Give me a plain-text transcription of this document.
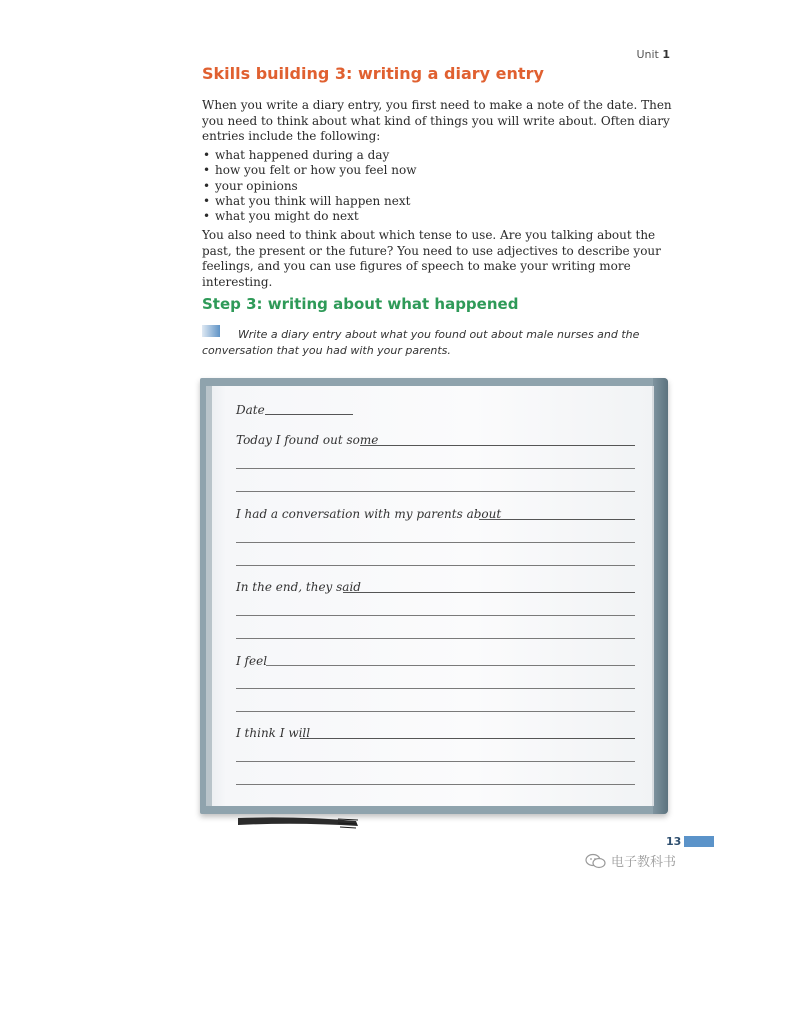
Unit 1
Skills building 3: writing a diary entry

When you write a diary entry, you first need to make a note of the date. Then you need to think about what kind of things you will write about. Often diary entries include the following:

• what happened during a day
• how you felt or how you feel now
• your opinions
• what you think will happen next
• what you might do next

You also need to think about which tense to use. Are you talking about the past, the present or the future? You need to use adjectives to describe your feelings, and you can use figures of speech to make your writing more interesting.

Step 3: writing about what happened

Write a diary entry about what you found out about male nurses and the conversation that you had with your parents.

Date
Today I found out some
I had a conversation with my parents about
In the end, they said
I feel
I think I will
13
电子教科书
